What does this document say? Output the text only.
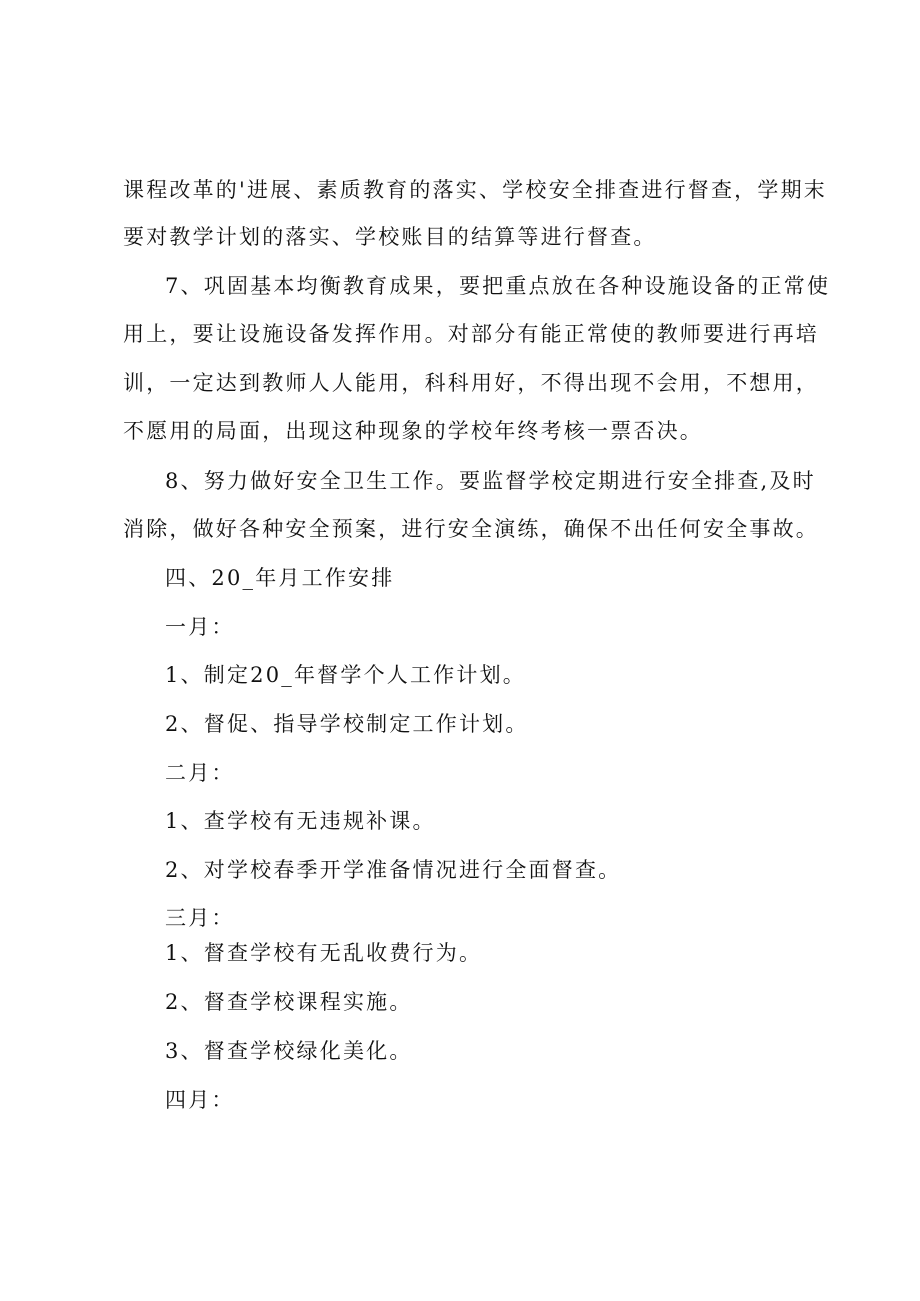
课程改革的'进展、素质教育的落实、学校安全排查进行督查，学期末
要对教学计划的落实、学校账目的结算等进行督查。
7、巩固基本均衡教育成果，要把重点放在各种设施设备的正常使
用上，要让设施设备发挥作用。对部分有能正常使的教师要进行再培
训，一定达到教师人人能用，科科用好，不得出现不会用，不想用，
不愿用的局面，出现这种现象的学校年终考核一票否决。
8、努力做好安全卫生工作。要监督学校定期进行安全排查,及时
消除，做好各种安全预案，进行安全演练，确保不出任何安全事故。
四、20_年月工作安排
一月：
1、制定20_年督学个人工作计划。
2、督促、指导学校制定工作计划。
二月：
1、查学校有无违规补课。
2、对学校春季开学准备情况进行全面督查。
三月：
1、督查学校有无乱收费行为。
2、督查学校课程实施。
3、督查学校绿化美化。
四月：
